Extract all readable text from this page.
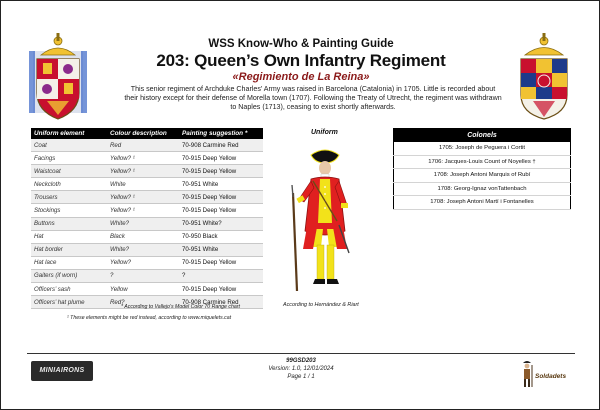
WSS Know-Who & Painting Guide
203: Queen’s Own Infantry Regiment
«Regimiento de La Reina»
This senior regiment of Archduke Charles’ Army was raised in Barcelona (Catalonia) in 1705. Little is recorded about their history except for their defense of Morella town (1707). Following the Treaty of Utrecht, the regiment was withdrawn to Naples (1713), ceasing to exist shortly afterwards.
Uniform element	Colour description	Painting suggestion *
Coat	Red	70-908 Carmine Red
Facings	Yellow? ¹	70-915 Deep Yellow
Waistcoat	Yellow? ¹	70-915 Deep Yellow
Neckcloth	White	70-951 White
Trousers	Yellow? ¹	70-915 Deep Yellow
Stockings	Yellow? ¹	70-915 Deep Yellow
Buttons	White?	70-951 White?
Hat	Black	70-950 Black
Hat border	White?	70-951 White
Hat lace	Yellow?	70-915 Deep Yellow
Gaiters (if worn)	?	?
Officers’ sash	Yellow	70-915 Deep Yellow
Officers’ hat plume	Red?	70-908 Carmine Red
* According to Vallejo’s Model Color 70 Range chart
¹ These elements might be red instead, according to www.miquelets.cat
Uniform
According to Hernández & Riart
Colonels
1705: Joseph de Peguera i Cortit
1706: Jacques-Louis Count of Noyelles †
1708: Joseph Antoni Marquis of Rubí
1708: Georg-Ignaz vonTattenbach
1708: Joseph Antoni Martí i Fontanelles
MINIAIRONS
99GSD203
Version: 1.0, 12/01/2024
Page 1 / 1	Soldadets
